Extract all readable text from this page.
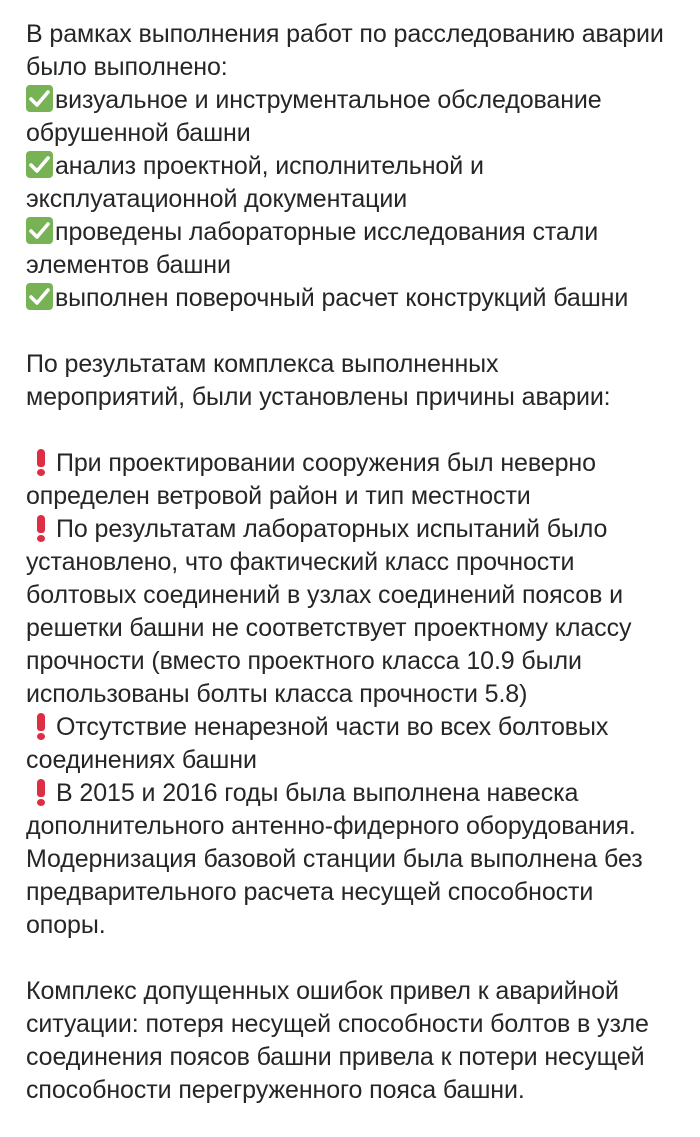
В рамках выполнения работ по расследованию аварии
было выполнено:

визуальное и инструментальное обследование
обрушенной башни
анализ проектной, исполнительной и
эксплуатационной документации
проведены лабораторные исследования стали
элементов башни
выполнен поверочный расчет конструкций башни

По результатам комплекса выполненных
мероприятий, были установлены причины аварии:

При проектировании сооружения был неверно
определен ветровой район и тип местности
По результатам лабораторных испытаний было
установлено, что фактический класс прочности
болтовых соединений в узлах соединений поясов и
решетки башни не соответствует проектному классу
прочности (вместо проектного класса 10.9 были
использованы болты класса прочности 5.8)
Отсутствие ненарезной части во всех болтовых
соединениях башни
В 2015 и 2016 годы была выполнена навеска
дополнительного антенно-фидерного оборудования.
Модернизация базовой станции была выполнена без
предварительного расчета несущей способности
опоры.

Комплекс допущенных ошибок привел к аварийной
ситуации: потеря несущей способности болтов в узле
соединения поясов башни привела к потери несущей
способности перегруженного пояса башни.
